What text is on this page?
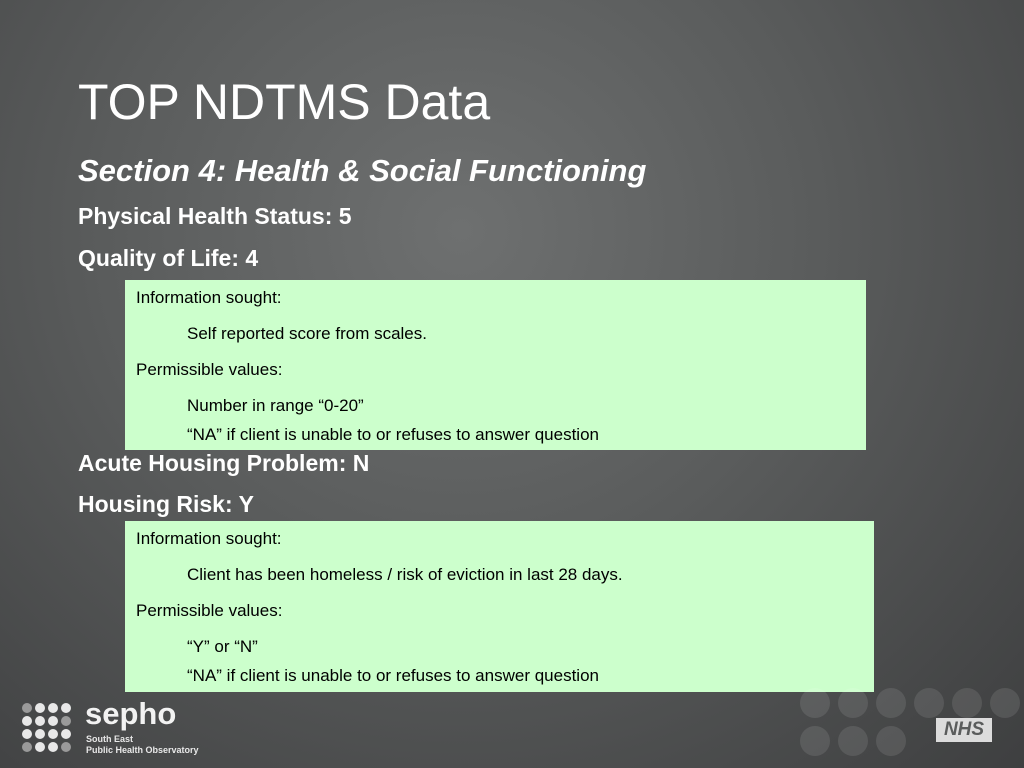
TOP NDTMS Data
Section 4: Health & Social Functioning
Physical Health Status: 5
Quality of Life: 4
Information sought:
Self reported score from scales.
Permissible values:
Number in range “0-20”
“NA” if client is unable to or refuses to answer question
Acute Housing Problem: N
Housing Risk: Y
Information sought:
Client has been homeless / risk of eviction in last 28 days.
Permissible values:
“Y” or “N”
“NA” if client is unable to or refuses to answer question
sepho
South East
Public Health Observatory
NHS
